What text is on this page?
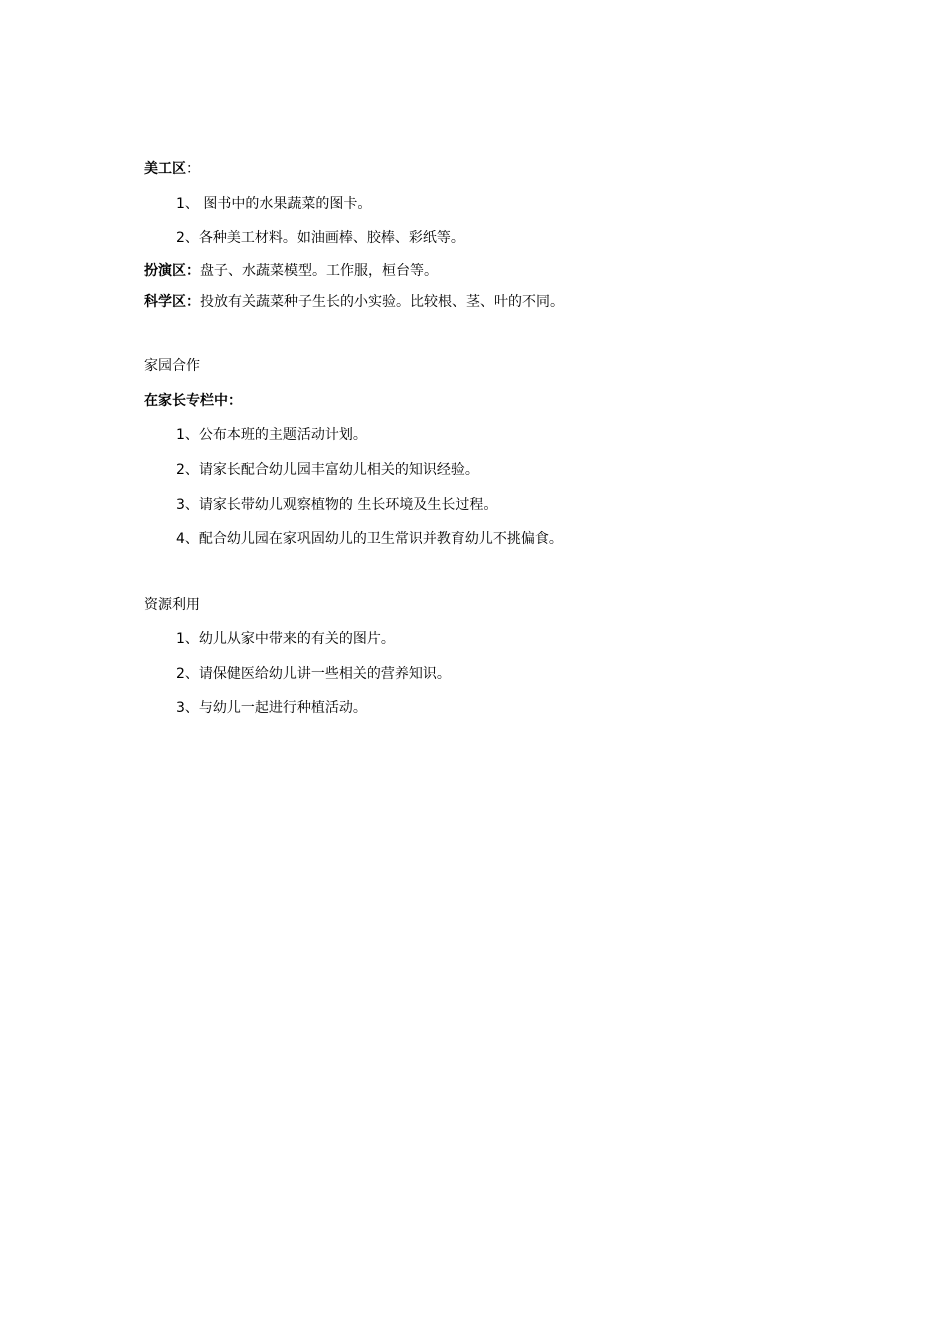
美工区：
1、 图书中的水果蔬菜的图卡。
2、各种美工材料。如油画棒、胶棒、彩纸等。
扮演区：盘子、水蔬菜模型。工作服，桓台等。
科学区：投放有关蔬菜种子生长的小实验。比较根、茎、叶的不同。
家园合作
在家长专栏中：
1、公布本班的主题活动计划。
2、请家长配合幼儿园丰富幼儿相关的知识经验。
3、请家长带幼儿观察植物的 生长环境及生长过程。
4、配合幼儿园在家巩固幼儿的卫生常识并教育幼儿不挑偏食。
资源利用
1、幼儿从家中带来的有关的图片。
2、请保健医给幼儿讲一些相关的营养知识。
3、与幼儿一起进行种植活动。
